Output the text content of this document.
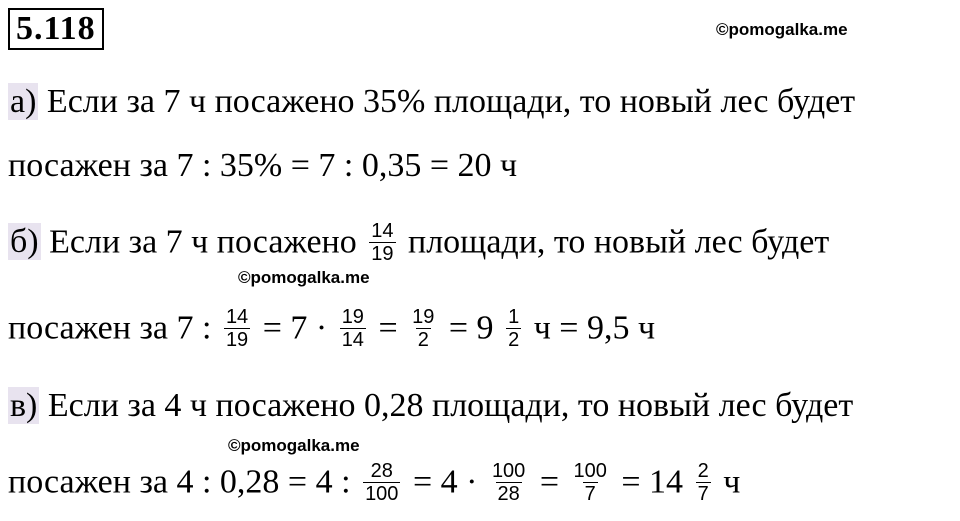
5.118	©pomogalka.me
а) Если за 7 ч посажено 35% площади, то новый лес будет
посажен за 7 : 35% = 7 : 0,35 = 20 ч
б) Если за 7 ч посажено $\frac{14}{19}$ площади, то новый лес будет
©pomogalka.me
посажен за 7 : $\frac{14}{19} = 7 \cdot \frac{19}{14} = \frac{19}{2} = 9 \frac{1}{2}$ ч = 9,5 ч
в) Если за 4 ч посажено 0,28 площади, то новый лес будет
©pomogalka.me
посажен за 4 : 0,28 = 4 : $\frac{28}{100} = 4 \cdot \frac{100}{28} = \frac{100}{7} = 14 \frac{2}{7}$ ч
